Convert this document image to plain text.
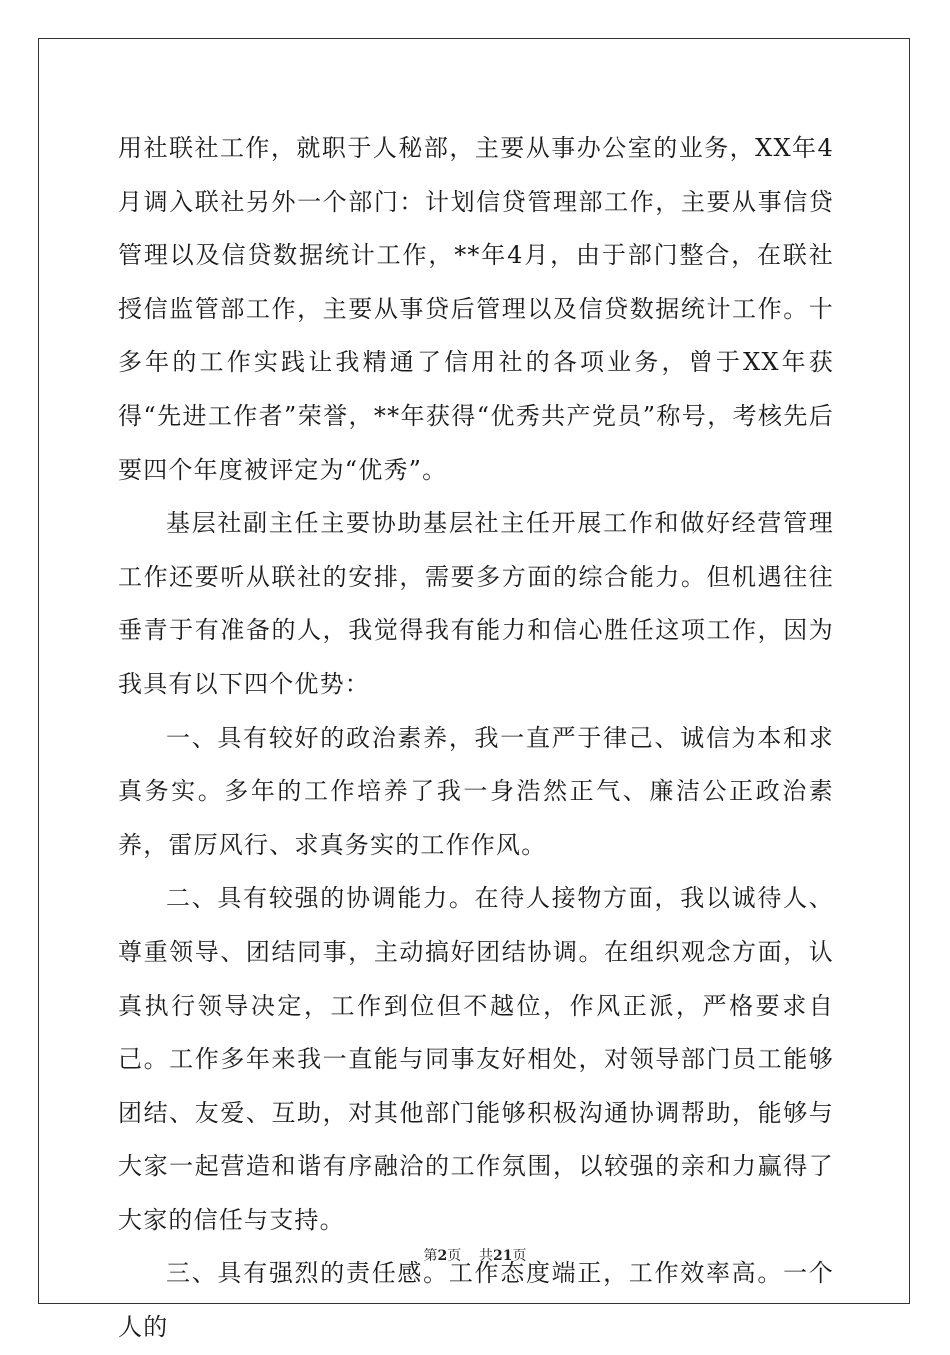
用社联社工作，就职于人秘部，主要从事办公室的业务，XX年4月调入联社另外一个部门：计划信贷管理部工作，主要从事信贷管理以及信贷数据统计工作，**年4月，由于部门整合，在联社授信监管部工作，主要从事贷后管理以及信贷数据统计工作。十多年的工作实践让我精通了信用社的各项业务，曾于XX年获得“先进工作者”荣誉，**年获得“优秀共产党员”称号，考核先后要四个年度被评定为“优秀”。

基层社副主任主要协助基层社主任开展工作和做好经营管理工作还要听从联社的安排，需要多方面的综合能力。但机遇往往垂青于有准备的人，我觉得我有能力和信心胜任这项工作，因为我具有以下四个优势：

一、具有较好的政治素养，我一直严于律己、诚信为本和求真务实。多年的工作培养了我一身浩然正气、廉洁公正政治素养，雷厉风行、求真务实的工作作风。

二、具有较强的协调能力。在待人接物方面，我以诚待人、尊重领导、团结同事，主动搞好团结协调。在组织观念方面，认真执行领导决定，工作到位但不越位，作风正派，严格要求自己。工作多年来我一直能与同事友好相处，对领导部门员工能够团结、友爱、互助，对其他部门能够积极沟通协调帮助，能够与大家一起营造和谐有序融洽的工作氛围，以较强的亲和力赢得了大家的信任与支持。

三、具有强烈的责任感。工作态度端正，工作效率高。一个人的

第2页 共21页
